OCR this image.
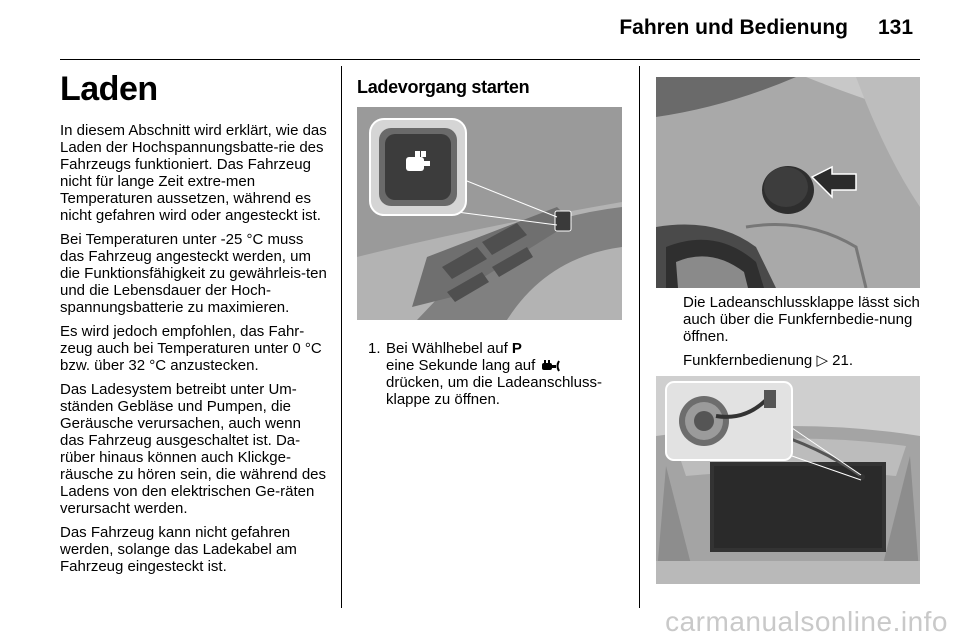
Fahren und Bedienung 131
Laden

In diesem Abschnitt wird erklärt, wie das Laden der Hochspannungsbatte-rie des Fahrzeugs funktioniert. Das Fahrzeug nicht für lange Zeit extre-men Temperaturen aussetzen, während es nicht gefahren wird oder angesteckt ist.

Bei Temperaturen unter -25 °C muss das Fahrzeug angesteckt werden, um die Funktionsfähigkeit zu gewährleis-ten und die Lebensdauer der Hoch-spannungsbatterie zu maximieren.

Es wird jedoch empfohlen, das Fahr-zeug auch bei Temperaturen unter 0 °C bzw. über 32 °C anzustecken.

Das Ladesystem betreibt unter Um-ständen Gebläse und Pumpen, die Geräusche verursachen, auch wenn das Fahrzeug ausgeschaltet ist. Da-rüber hinaus können auch Klickge-räusche zu hören sein, die während des Ladens von den elektrischen Ge-räten verursacht werden.

Das Fahrzeug kann nicht gefahren werden, solange das Ladekabel am Fahrzeug eingesteckt ist.

Ladevorgang starten
1. Bei Wählhebel auf P
eine Sekunde lang auf
drücken, um die Ladeanschluss-klappe zu öffnen.

Die Ladeanschlussklappe lässt sich auch über die Funkfernbedie-nung öffnen.

Funkfernbedienung ▷ 21.

carmanualsonline.info
